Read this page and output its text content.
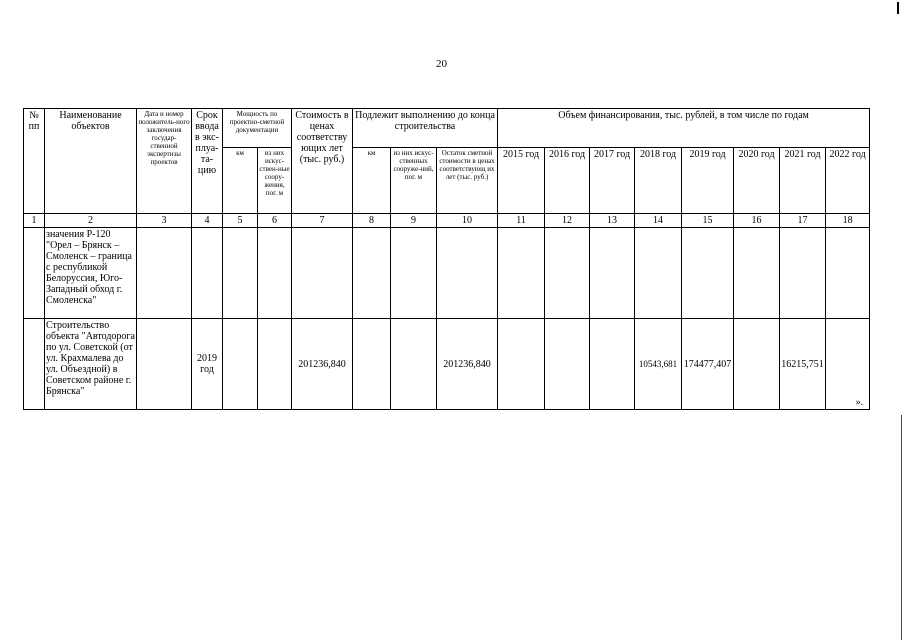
20
№ пп	Наименование объектов	Дата и номер положитель-ного заключения государ-ственной экспертизы проектов	Срок ввода в экс-плуа-та-цию	Мощность по проектно-сметной документации		Стоимость в ценах соответству ющих лет (тыс. руб.)	Подлежит выполнению до конца строительства			Объем финансирования, тыс. рублей, в том числе по годам							
				км	из них искус-ствен-ные соору-жения, пог. м		км	из них искус-ственных сооруже-ний, пог. м	Остаток сметной стоимости в ценах соответствующ их лет (тыс. руб.)	2015 год	2016 год	2017 год	2018 год	2019 год	2020 год	2021 год	2022 год
1	2	3	4	5	6	7	8	9	10	11	12	13	14	15	16	17	18
	значения Р-120 "Орел – Брянск – Смоленск – граница с республикой Белоруссия, Юго-Западный обход г. Смоленска"																
	Строительство объекта "Автодорога по ул. Советской (от ул. Крахмалева до ул. Объездной) в Советском районе г. Брянска"		2019 год			201236,840			201236,840				10543,681	174477,407		16215,751	».
